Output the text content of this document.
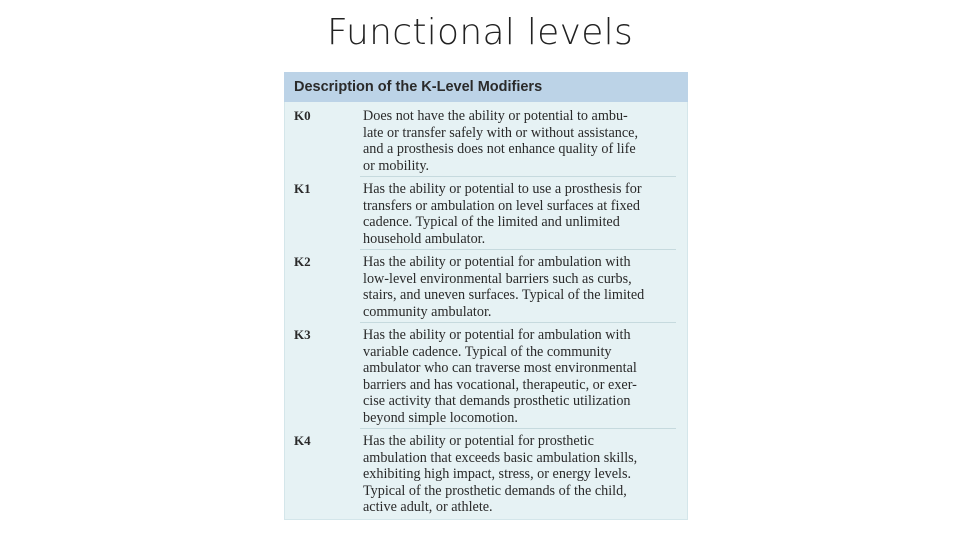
Functional levels
Description of the K-Level Modifiers
K0	Does not have the ability or potential to ambu-
late or transfer safely with or without assistance,
and a prosthesis does not enhance quality of life
or mobility.
K1	Has the ability or potential to use a prosthesis for
transfers or ambulation on level surfaces at fixed
cadence. Typical of the limited and unlimited
household ambulator.
K2	Has the ability or potential for ambulation with
low-level environmental barriers such as curbs,
stairs, and uneven surfaces. Typical of the limited
community ambulator.
K3	Has the ability or potential for ambulation with
variable cadence. Typical of the community
ambulator who can traverse most environmental
barriers and has vocational, therapeutic, or exer-
cise activity that demands prosthetic utilization
beyond simple locomotion.
K4	Has the ability or potential for prosthetic
ambulation that exceeds basic ambulation skills,
exhibiting high impact, stress, or energy levels.
Typical of the prosthetic demands of the child,
active adult, or athlete.
